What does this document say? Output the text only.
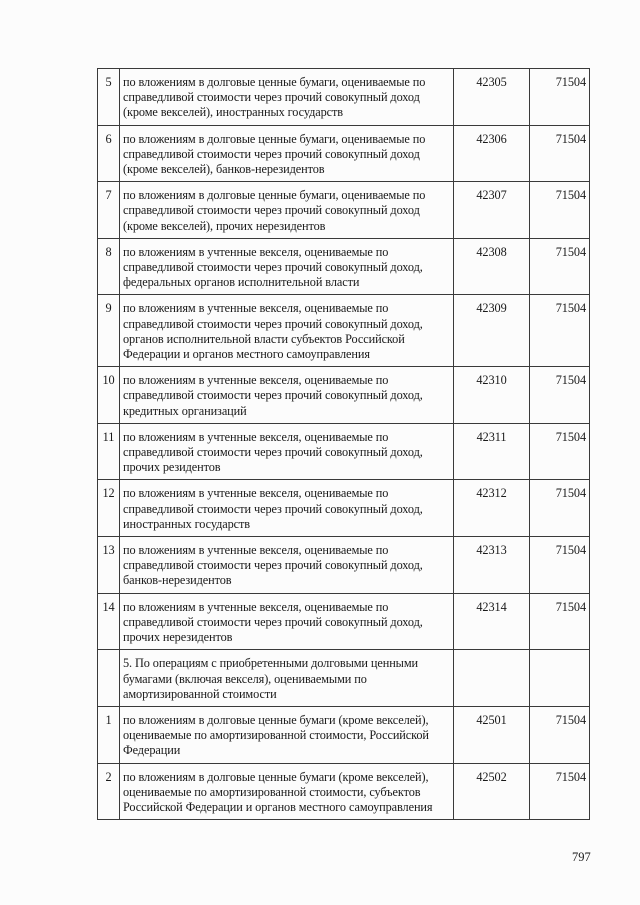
5	по вложениям в долговые ценные бумаги, оцениваемые по справедливой стоимости через прочий совокупный доход (кроме векселей), иностранных государств	42305	71504
6	по вложениям в долговые ценные бумаги, оцениваемые по справедливой стоимости через прочий совокупный доход (кроме векселей), банков-нерезидентов	42306	71504
7	по вложениям в долговые ценные бумаги, оцениваемые по справедливой стоимости через прочий совокупный доход (кроме векселей), прочих нерезидентов	42307	71504
8	по вложениям в учтенные векселя, оцениваемые по справедливой стоимости через прочий совокупный доход, федеральных органов исполнительной власти	42308	71504
9	по вложениям в учтенные векселя, оцениваемые по справедливой стоимости через прочий совокупный доход, органов исполнительной власти субъектов Российской Федерации и органов местного самоуправления	42309	71504
10	по вложениям в учтенные векселя, оцениваемые по справедливой стоимости через прочий совокупный доход, кредитных организаций	42310	71504
11	по вложениям в учтенные векселя, оцениваемые по справедливой стоимости через прочий совокупный доход, прочих резидентов	42311	71504
12	по вложениям в учтенные векселя, оцениваемые по справедливой стоимости через прочий совокупный доход, иностранных государств	42312	71504
13	по вложениям в учтенные векселя, оцениваемые по справедливой стоимости через прочий совокупный доход, банков-нерезидентов	42313	71504
14	по вложениям в учтенные векселя, оцениваемые по справедливой стоимости через прочий совокупный доход, прочих нерезидентов	42314	71504
	5. По операциям с приобретенными долговыми ценными бумагами (включая векселя), оцениваемыми по амортизированной стоимости		
1	по вложениям в долговые ценные бумаги (кроме векселей), оцениваемые по амортизированной стоимости, Российской Федерации	42501	71504
2	по вложениям в долговые ценные бумаги (кроме векселей), оцениваемые по амортизированной стоимости, субъектов Российской Федерации и органов местного самоуправления	42502	71504
797
